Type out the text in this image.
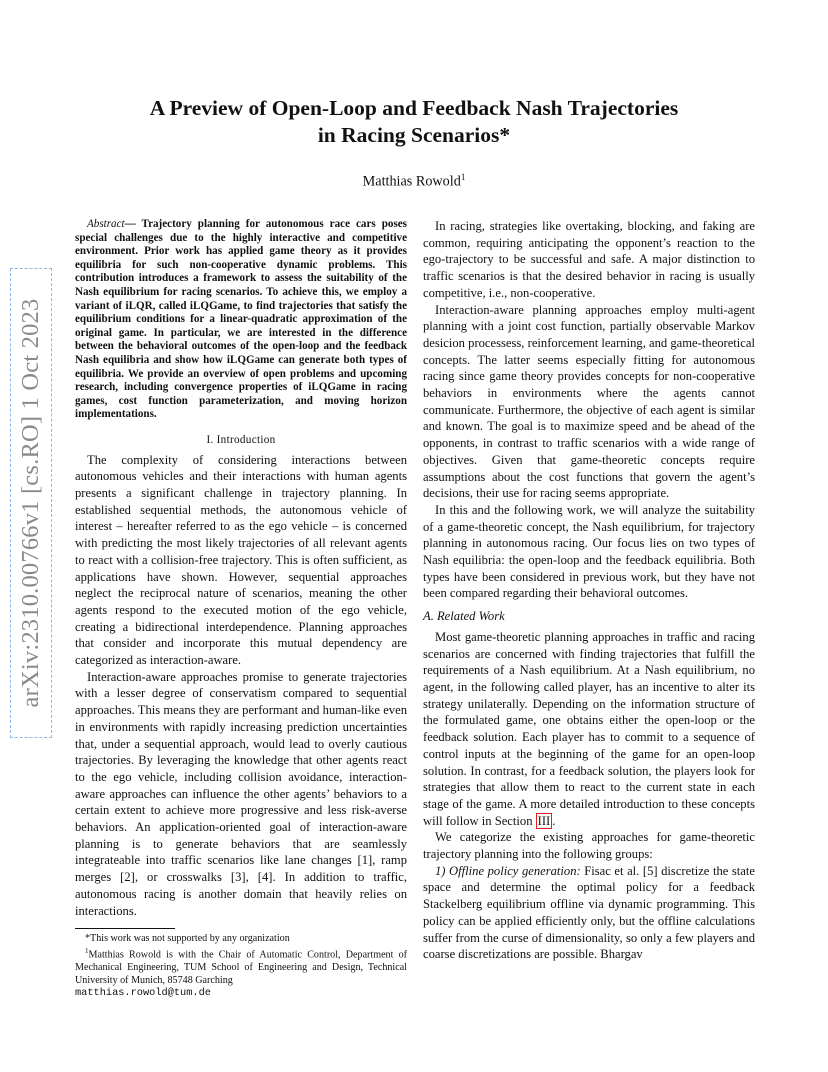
arXiv:2310.00766v1 [cs.RO] 1 Oct 2023
A Preview of Open-Loop and Feedback Nash Trajectories
in Racing Scenarios*
Matthias Rowold$^1$

Abstract— Trajectory planning for autonomous race cars poses special challenges due to the highly interactive and competitive environment. Prior work has applied game theory as it provides equilibria for such non-cooperative dynamic problems. This contribution introduces a framework to assess the suitability of the Nash equilibrium for racing scenarios. To achieve this, we employ a variant of iLQR, called iLQGame, to find trajectories that satisfy the equilibrium conditions for a linear-quadratic approximation of the original game. In particular, we are interested in the difference between the behavioral outcomes of the open-loop and the feedback Nash equilibria and show how iLQGame can generate both types of equilibria. We provide an overview of open problems and upcoming research, including convergence properties of iLQGame in racing games, cost function parameterization, and moving horizon implementations.

I. Introduction

The complexity of considering interactions between autonomous vehicles and their interactions with human agents presents a significant challenge in trajectory planning. In established sequential methods, the autonomous vehicle of interest – hereafter referred to as the ego vehicle – is concerned with predicting the most likely trajectories of all relevant agents to react with a collision-free trajectory. This is often sufficient, as applications have shown. However, sequential approaches neglect the reciprocal nature of scenarios, meaning the other agents respond to the executed motion of the ego vehicle, creating a bidirectional interdependence. Planning approaches that consider and incorporate this mutual dependency are categorized as interaction-aware.

Interaction-aware approaches promise to generate trajectories with a lesser degree of conservatism compared to sequential approaches. This means they are performant and human-like even in environments with rapidly increasing prediction uncertainties that, under a sequential approach, would lead to overly cautious trajectories. By leveraging the knowledge that other agents react to the ego vehicle, including collision avoidance, interaction-aware approaches can influence the other agents’ behaviors to a certain extent to achieve more progressive and less risk-averse behaviors. An application-oriented goal of interaction-aware planning is to generate behaviors that are seamlessly integrateable into traffic scenarios like lane changes [1], ramp merges [2], or crosswalks [3], [4]. In addition to traffic, autonomous racing is another domain that heavily relies on interactions.

*This work was not supported by any organization

$^1$Matthias Rowold is with the Chair of Automatic Control, Department of Mechanical Engineering, TUM School of Engineering and Design, Technical University of Munich, 85748 Garching

matthias.rowold@tum.de

In racing, strategies like overtaking, blocking, and faking are common, requiring anticipating the opponent’s reaction to the ego-trajectory to be successful and safe. A major distinction to traffic scenarios is that the desired behavior in racing is usually competitive, i.e., non-cooperative.

Interaction-aware planning approaches employ multi-agent planning with a joint cost function, partially observable Markov desicion processess, reinforcement learning, and game-theoretical concepts. The latter seems especially fitting for autonomous racing since game theory provides concepts for non-cooperative behaviors in environments where the agents cannot communicate. Furthermore, the objective of each agent is similar and known. The goal is to maximize speed and be ahead of the opponents, in contrast to traffic scenarios with a wide range of objectives. Given that game-theoretic concepts require assumptions about the cost functions that govern the agent’s decisions, their use for racing seems appropriate.

In this and the following work, we will analyze the suitability of a game-theoretic concept, the Nash equilibrium, for trajectory planning in autonomous racing. Our focus lies on two types of Nash equilibria: the open-loop and the feedback equilibria. Both types have been considered in previous work, but they have not been compared regarding their behavioral outcomes.

A. Related Work

Most game-theoretic planning approaches in traffic and racing scenarios are concerned with finding trajectories that fulfill the requirements of a Nash equilibrium. At a Nash equilibrium, no agent, in the following called player, has an incentive to alter its strategy unilaterally. Depending on the information structure of the formulated game, one obtains either the open-loop or the feedback solution. Each player has to commit to a sequence of control inputs at the beginning of the game for an open-loop solution. In contrast, for a feedback solution, the players look for strategies that allow them to react to the current state in each stage of the game. A more detailed introduction to these concepts will follow in Section III .

We categorize the existing approaches for game-theoretic trajectory planning into the following groups:

1) Offline policy generation: Fisac et al. [5] discretize the state space and determine the optimal policy for a feedback Stackelberg equilibrium offline via dynamic programming. This policy can be applied efficiently only, but the offline calculations suffer from the curse of dimensionality, so only a few players and coarse discretizations are possible. Bhargav
